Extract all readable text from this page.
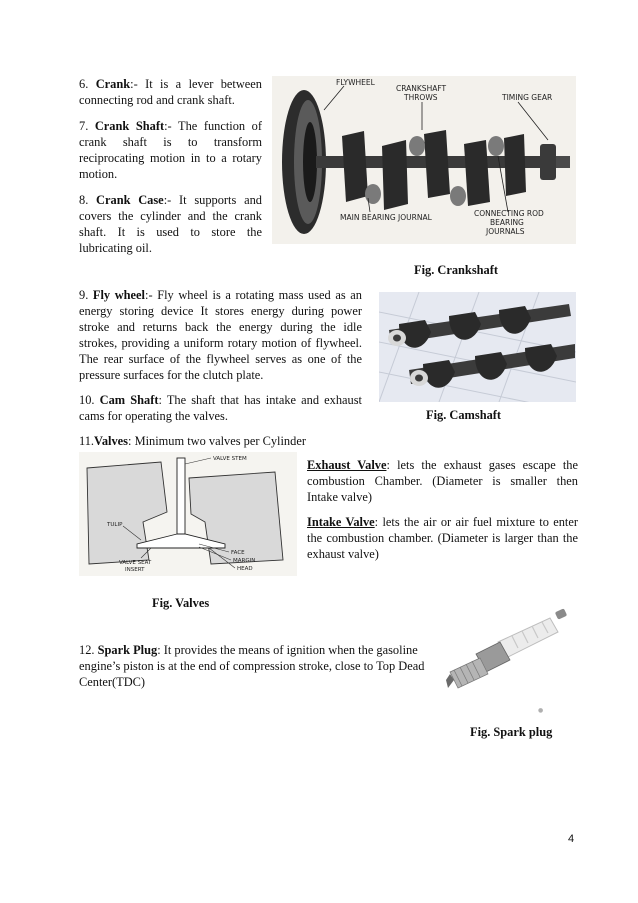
6. Crank:- It is a lever between connecting rod and crank shaft.
7. Crank Shaft:- The function of crank shaft is to transform reciprocating motion in to a rotary motion.
8. Crank Case:- It supports and covers the cylinder and the crank shaft. It is used to store the lubricating oil.
FLYWHEEL
CRANKSHAFT
THROWS	TIMING GEAR
MAIN BEARING JOURNAL	CONNECTING ROD
BEARING
JOURNALS
Fig. Crankshaft
9. Fly wheel:- Fly wheel is a rotating mass used as an energy storing device It stores energy during power stroke and returns back the energy during the idle strokes, providing a uniform rotary motion of flywheel. The rear surface of the flywheel serves as one of the pressure surfaces for the clutch plate.
10. Cam Shaft: The shaft that has intake and exhaust cams for operating the valves.	Fig. Camshaft
11.Valves: Minimum two valves per Cylinder
VALVE STEM
TULIP
FACE
MARGIN
HEAD
VALVE SEAT
INSERT
Exhaust Valve: lets the exhaust gases escape the combustion Chamber. (Diameter is smaller then Intake valve)
Intake Valve: lets the air or air fuel mixture to enter the combustion chamber. (Diameter is larger than the exhaust valve)
Fig. Valves
12. Spark Plug: It provides the means of ignition when the gasoline engine’s piston is at the end of compression stroke, close to Top Dead Center(TDC)
●
Fig. Spark plug
4
